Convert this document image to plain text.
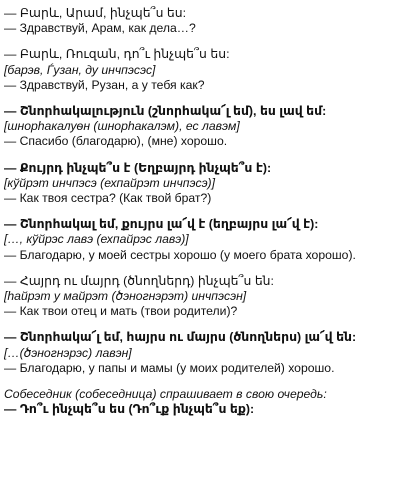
— Բարև, Արամ, ինչպե՞ս ես:
— Здравствуй, Арам, как дела…?
— Բարև, Ռուզան, դո՞ւ ինչպե՞ս ես:
[барэв, Ѓузан, ду инчпэсэс]
— Здравствуй, Рузан, а у тебя как?
— Շնորհակալություն (շնորհակա՜լ եմ), ես լավ եմ:
[шнорhакалуѳн (шнорhакалэм), ес лавэм]
— Спасибо (благодарю), (мне) хорошо.
— Քույրդ ինչպե՞ս է (Եղբայրդ ինչպե՞ս է):
[кўйрэт инчпэсэ (ехпайрэт инчпэсэ)]
— Как твоя сестра? (Как твой брат?)
— Շնորհակալ եմ, քույրս լա՜վ է (եղբայրս լա՜վ է):
[…, кўйрэс лавэ (ехпайрэс лавэ)]
— Благодарю, у моей сестры хорошо (у моего брата хорошо).
— Հայրդ ու մայրդ (ծնողներդ) ինչպե՞ս են:
[hайрэт у майрэт (ծэногнэрэт) инчпэсэн]
— Как твои отец и мать (твои родители)?
— Շնորհակա՜լ եմ, հայրս ու մայրս (ծնողներս) լա՜վ են:
[…(ծэногнэрэс) лавэн]
— Благодарю, у папы и мамы (у моих родителей) хорошо.
Собеседник (собеседница) спрашивает в свою очередь:
— Դո՞ւ ինչպե՞ս ես (Դո՞ւք ինչպե՞ս եք):
